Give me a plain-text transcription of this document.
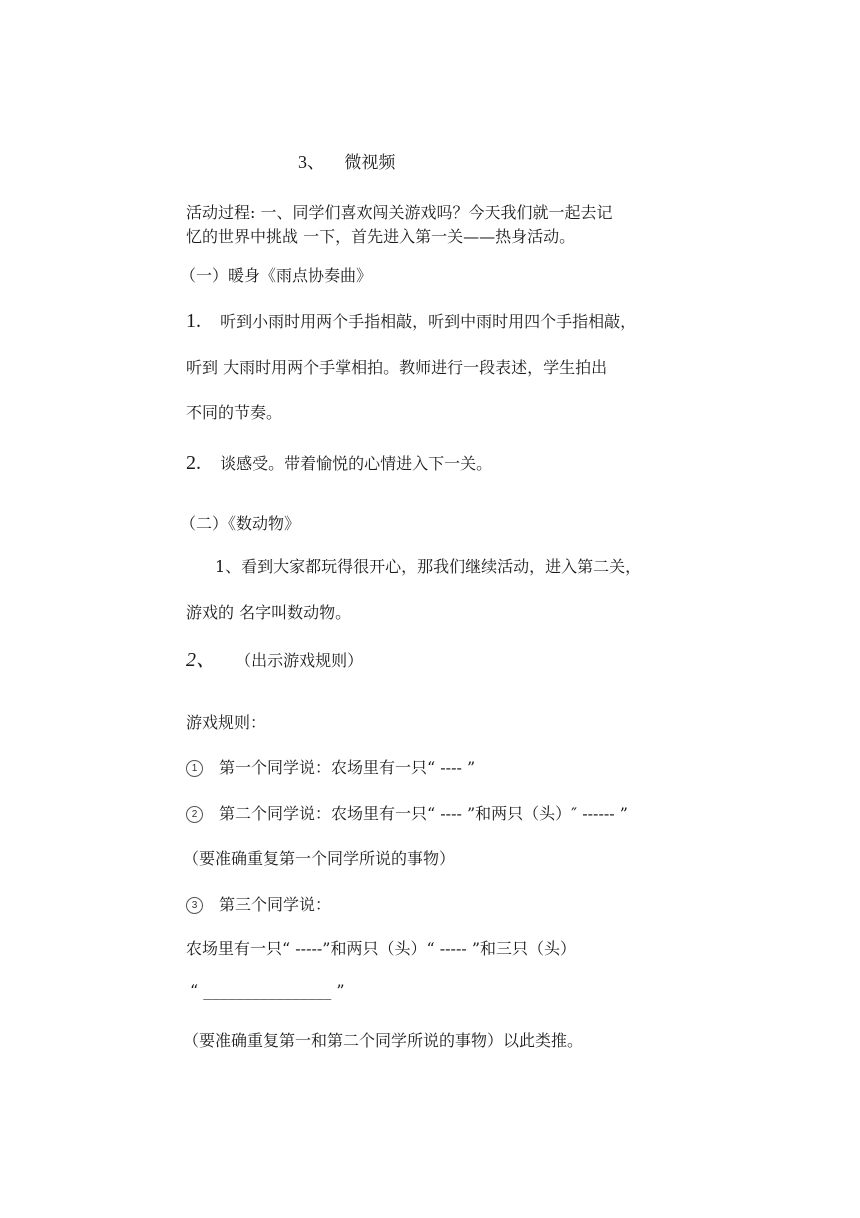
3、 微视频
活动过程: 一、同学们喜欢闯关游戏吗？今天我们就一起去记
忆的世界中挑战 一下，首先进入第一关——热身活动。
（一）暖身《雨点协奏曲》
1. 听到小雨时用两个手指相敲，听到中雨时用四个手指相敲，
听到 大雨时用两个手掌相拍。教师进行一段表述，学生拍出
不同的节奏。
2. 谈感受。带着愉悦的心情进入下一关。
（二）《数动物》
1、看到大家都玩得很开心，那我们继续活动，进入第二关，
游戏的 名字叫数动物。
2、 （出示游戏规则）
游戏规则：
1 第一个同学说：农场里有一只“ ---- ”
2 第二个同学说：农场里有一只“ ---- ”和两只（头）″ ------ ”
（要准确重复第一个同学所说的事物）
3 第三个同学说：
农场里有一只“ -----”和两只（头）“ ----- ”和三只（头）
“ ________________ ”
（要准确重复第一和第二个同学所说的事物）以此类推。
